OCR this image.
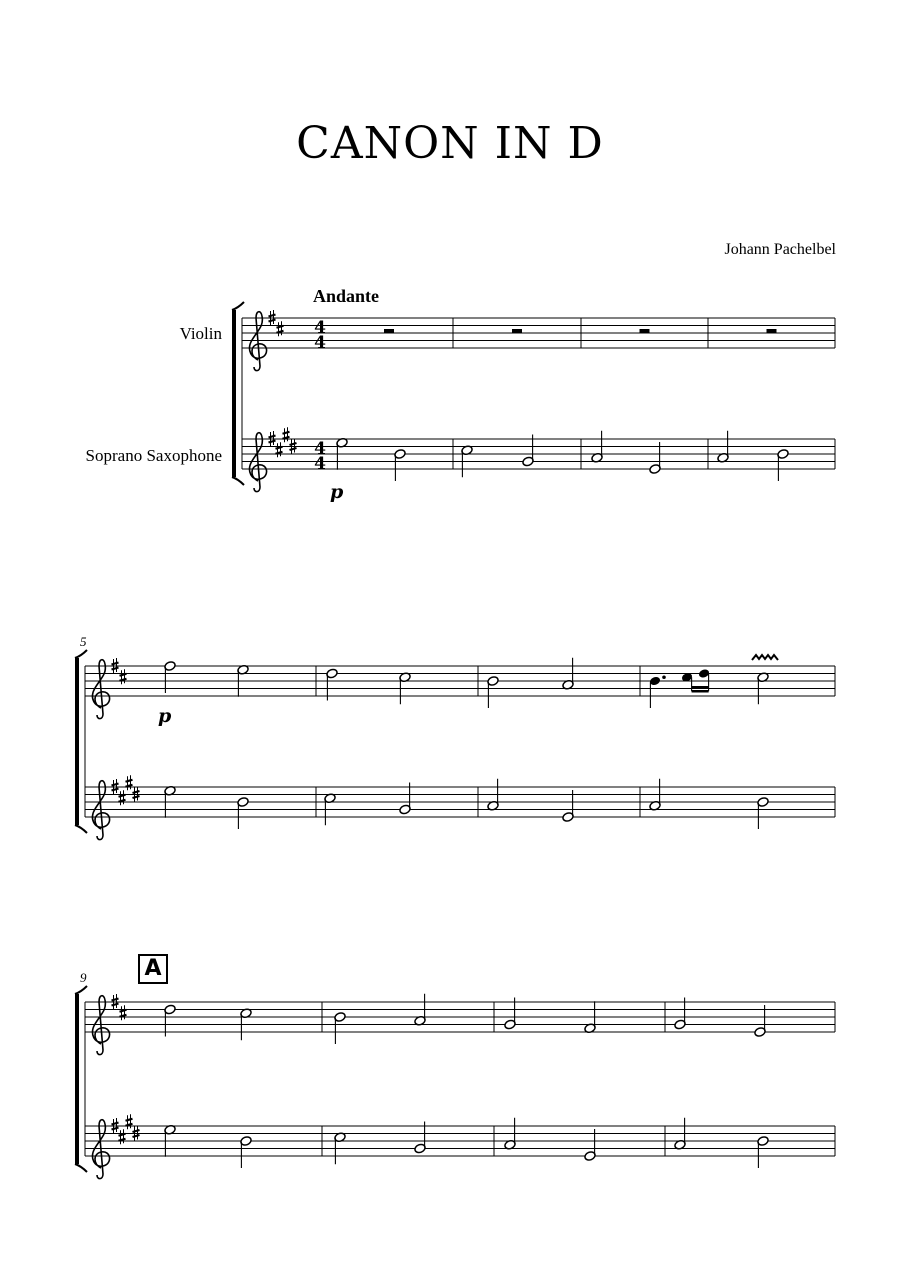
CANON IN D
Johann Pachelbel
Andante
Violin
Soprano Saxophone
5
9	A
4
4
4
4
p
p
